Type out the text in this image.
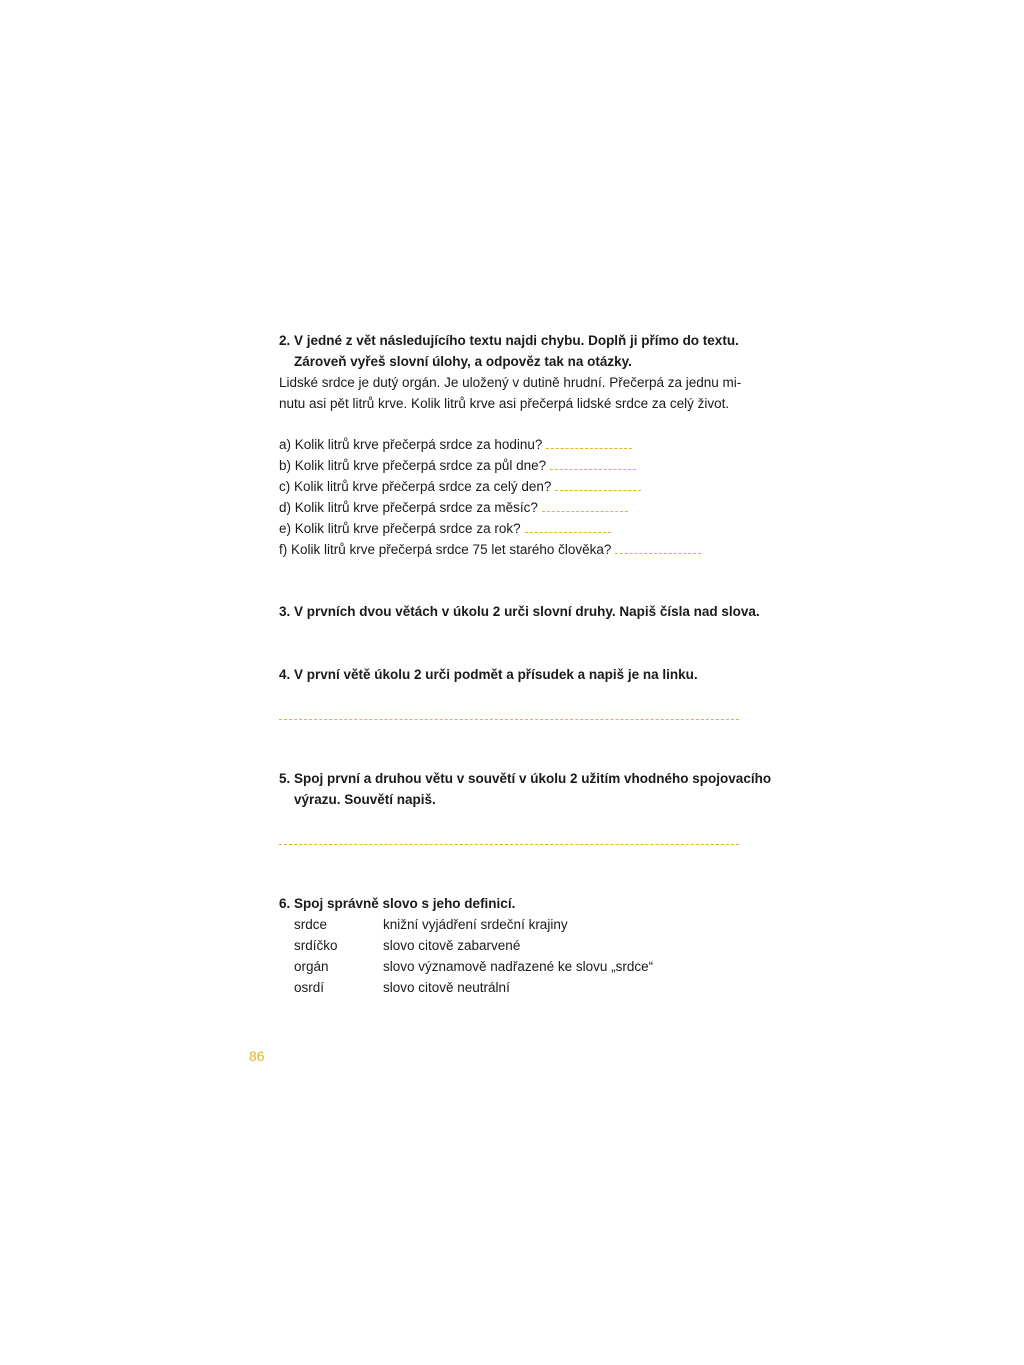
2. V jedné z vět následujícího textu najdi chybu. Doplň ji přímo do textu.
Zároveň vyřeš slovní úlohy, a odpověz tak na otázky.
Lidské srdce je dutý orgán. Je uložený v dutině hrudní. Přečerpá za jednu mi-
nutu asi pět litrů krve. Kolik litrů krve asi přečerpá lidské srdce za celý život.
a) Kolik litrů krve přečerpá srdce za hodinu?
b) Kolik litrů krve přečerpá srdce za půl dne?
c) Kolik litrů krve přečerpá srdce za celý den?
d) Kolik litrů krve přečerpá srdce za měsíc?
e) Kolik litrů krve přečerpá srdce za rok?
f) Kolik litrů krve přečerpá srdce 75 let starého člověka?
3. V prvních dvou větách v úkolu 2 urči slovní druhy. Napiš čísla nad slova.
4. V první větě úkolu 2 urči podmět a přísudek a napiš je na linku.
5. Spoj první a druhou větu v souvětí v úkolu 2 užitím vhodného spojovacího
výrazu. Souvětí napiš.
6. Spoj správně slovo s jeho definicí.
srdce
srdíčko
orgán
osrdí
knižní vyjádření srdeční krajiny
slovo citově zabarvené
slovo významově nadřazené ke slovu „srdce“
slovo citově neutrální
86
